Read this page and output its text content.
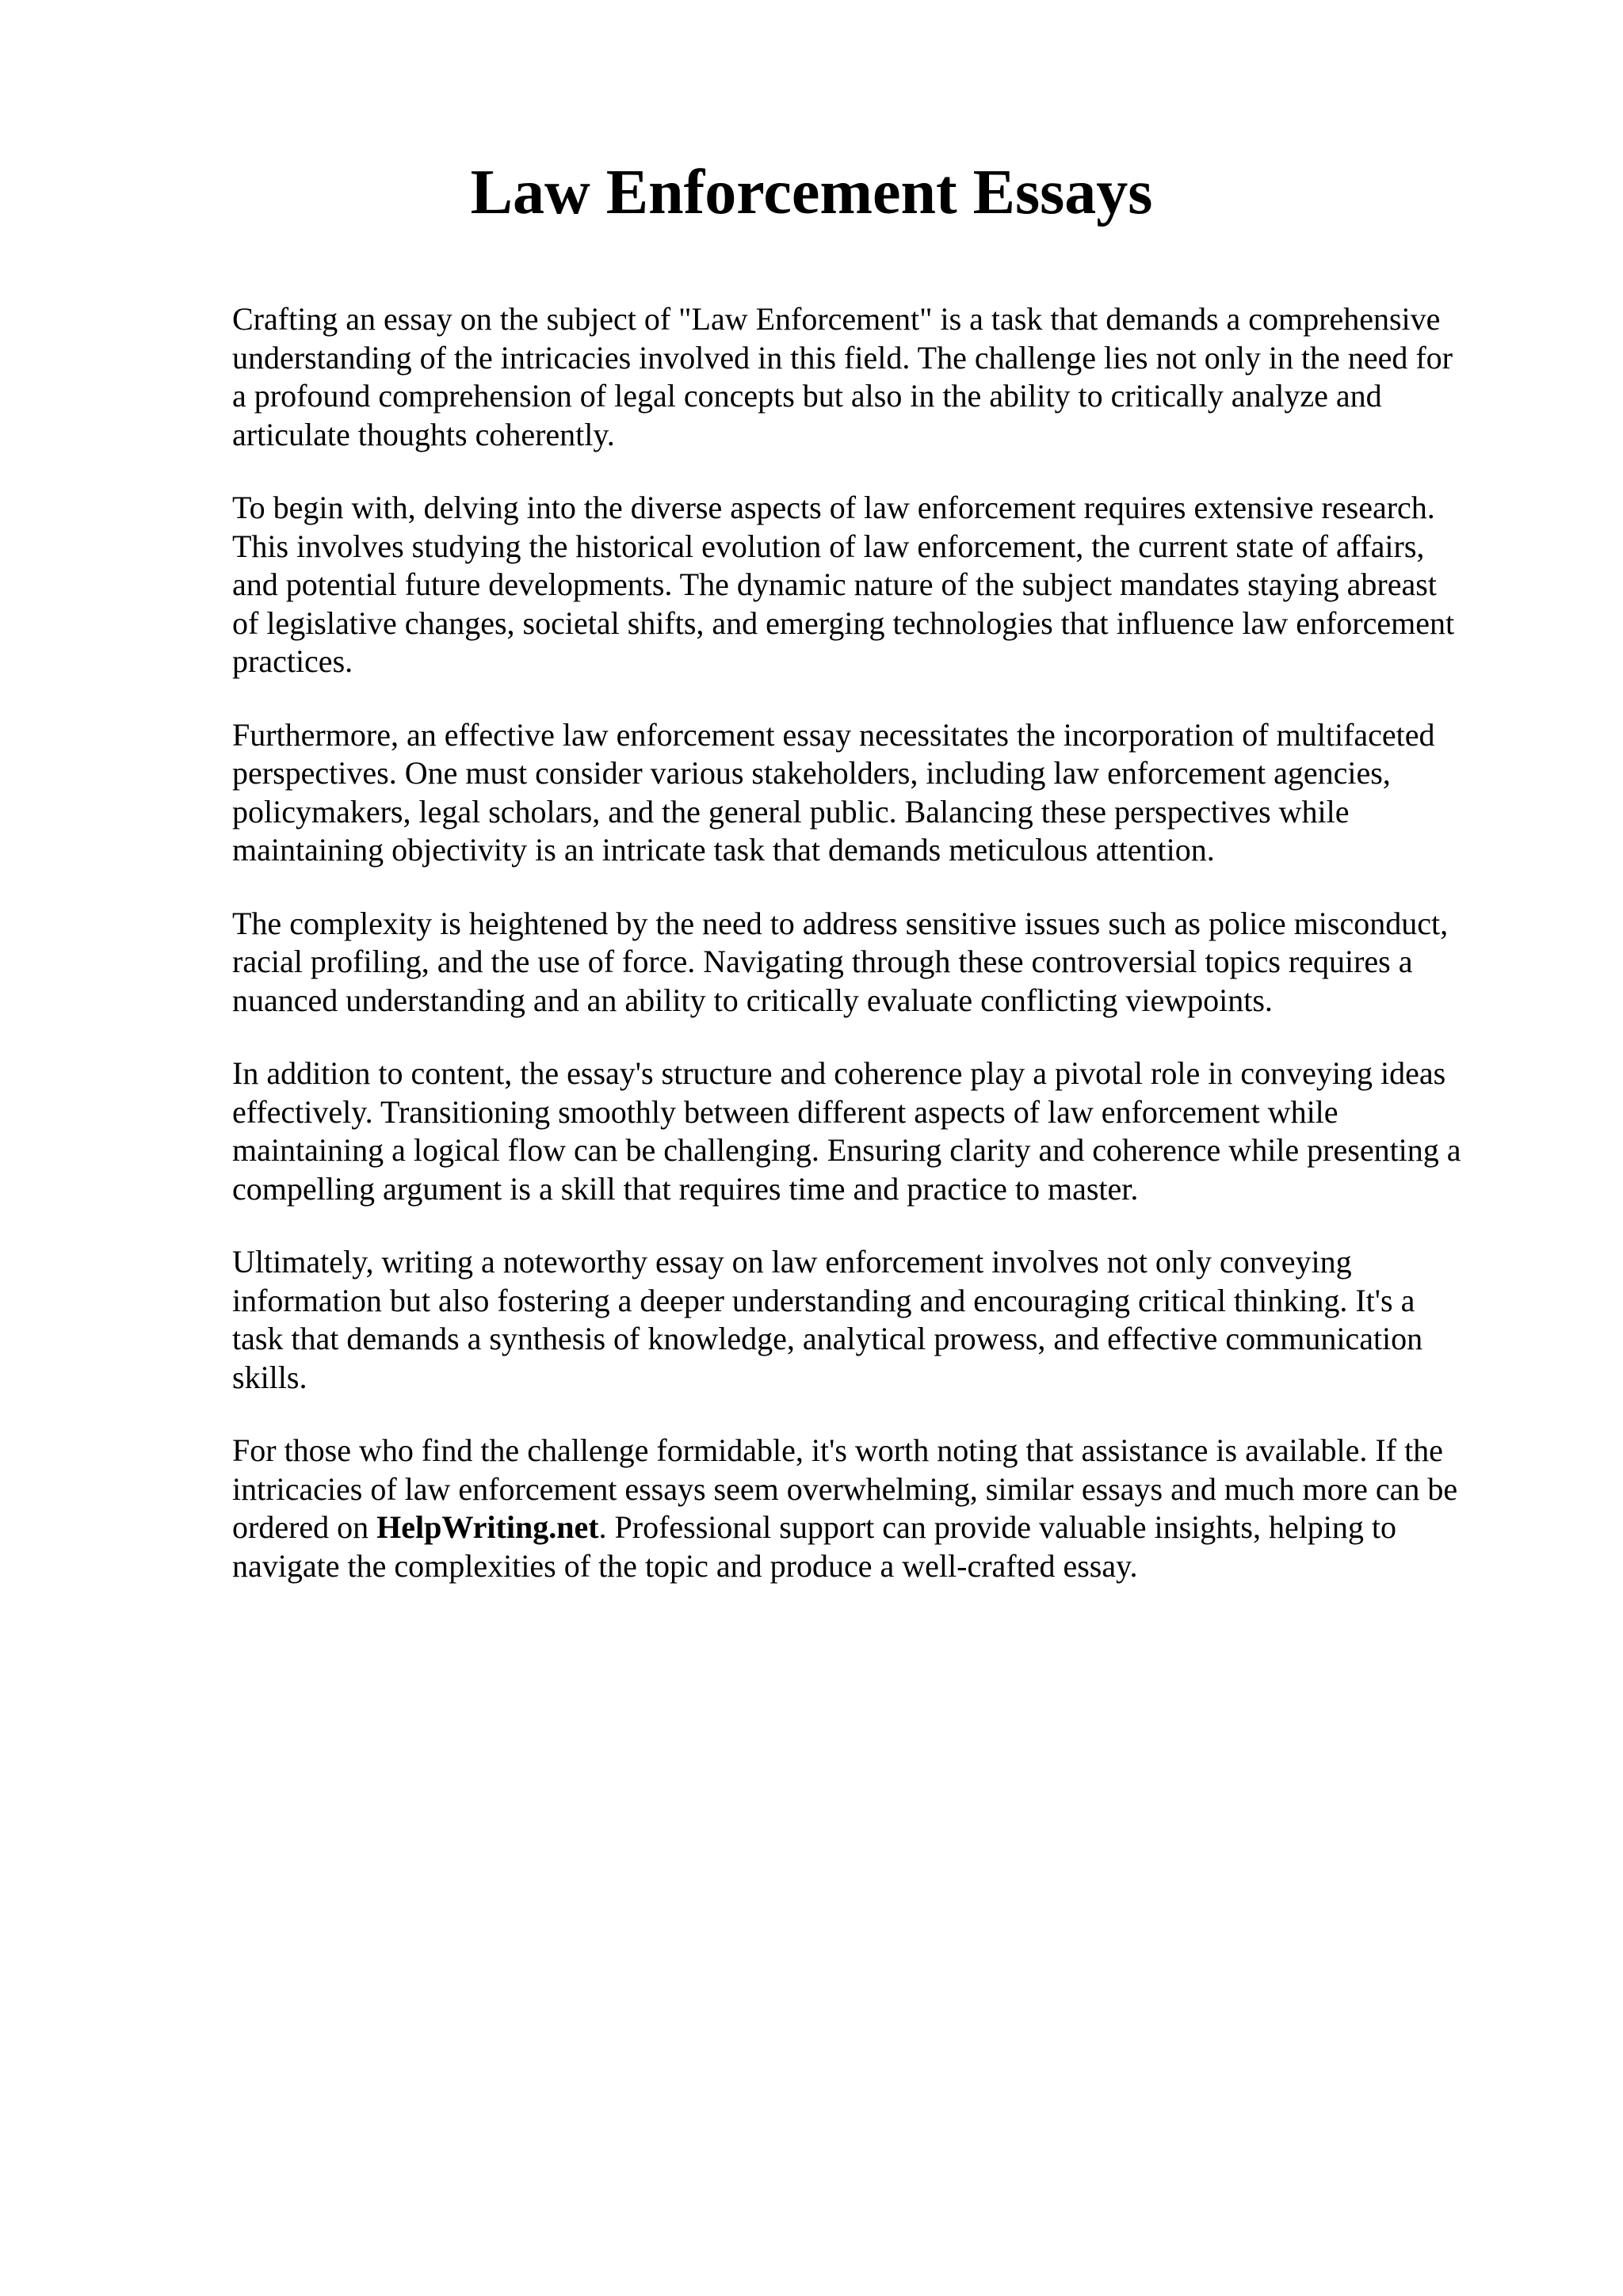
Law Enforcement Essays

Crafting an essay on the subject of "Law Enforcement" is a task that demands a comprehensive
understanding of the intricacies involved in this field. The challenge lies not only in the need for
a profound comprehension of legal concepts but also in the ability to critically analyze and
articulate thoughts coherently.

To begin with, delving into the diverse aspects of law enforcement requires extensive research.
This involves studying the historical evolution of law enforcement, the current state of affairs,
and potential future developments. The dynamic nature of the subject mandates staying abreast
of legislative changes, societal shifts, and emerging technologies that influence law enforcement
practices.

Furthermore, an effective law enforcement essay necessitates the incorporation of multifaceted
perspectives. One must consider various stakeholders, including law enforcement agencies,
policymakers, legal scholars, and the general public. Balancing these perspectives while
maintaining objectivity is an intricate task that demands meticulous attention.

The complexity is heightened by the need to address sensitive issues such as police misconduct,
racial profiling, and the use of force. Navigating through these controversial topics requires a
nuanced understanding and an ability to critically evaluate conflicting viewpoints.

In addition to content, the essay's structure and coherence play a pivotal role in conveying ideas
effectively. Transitioning smoothly between different aspects of law enforcement while
maintaining a logical flow can be challenging. Ensuring clarity and coherence while presenting a
compelling argument is a skill that requires time and practice to master.

Ultimately, writing a noteworthy essay on law enforcement involves not only conveying
information but also fostering a deeper understanding and encouraging critical thinking. It's a
task that demands a synthesis of knowledge, analytical prowess, and effective communication
skills.

For those who find the challenge formidable, it's worth noting that assistance is available. If the
intricacies of law enforcement essays seem overwhelming, similar essays and much more can be
ordered on HelpWriting.net. Professional support can provide valuable insights, helping to
navigate the complexities of the topic and produce a well-crafted essay.
